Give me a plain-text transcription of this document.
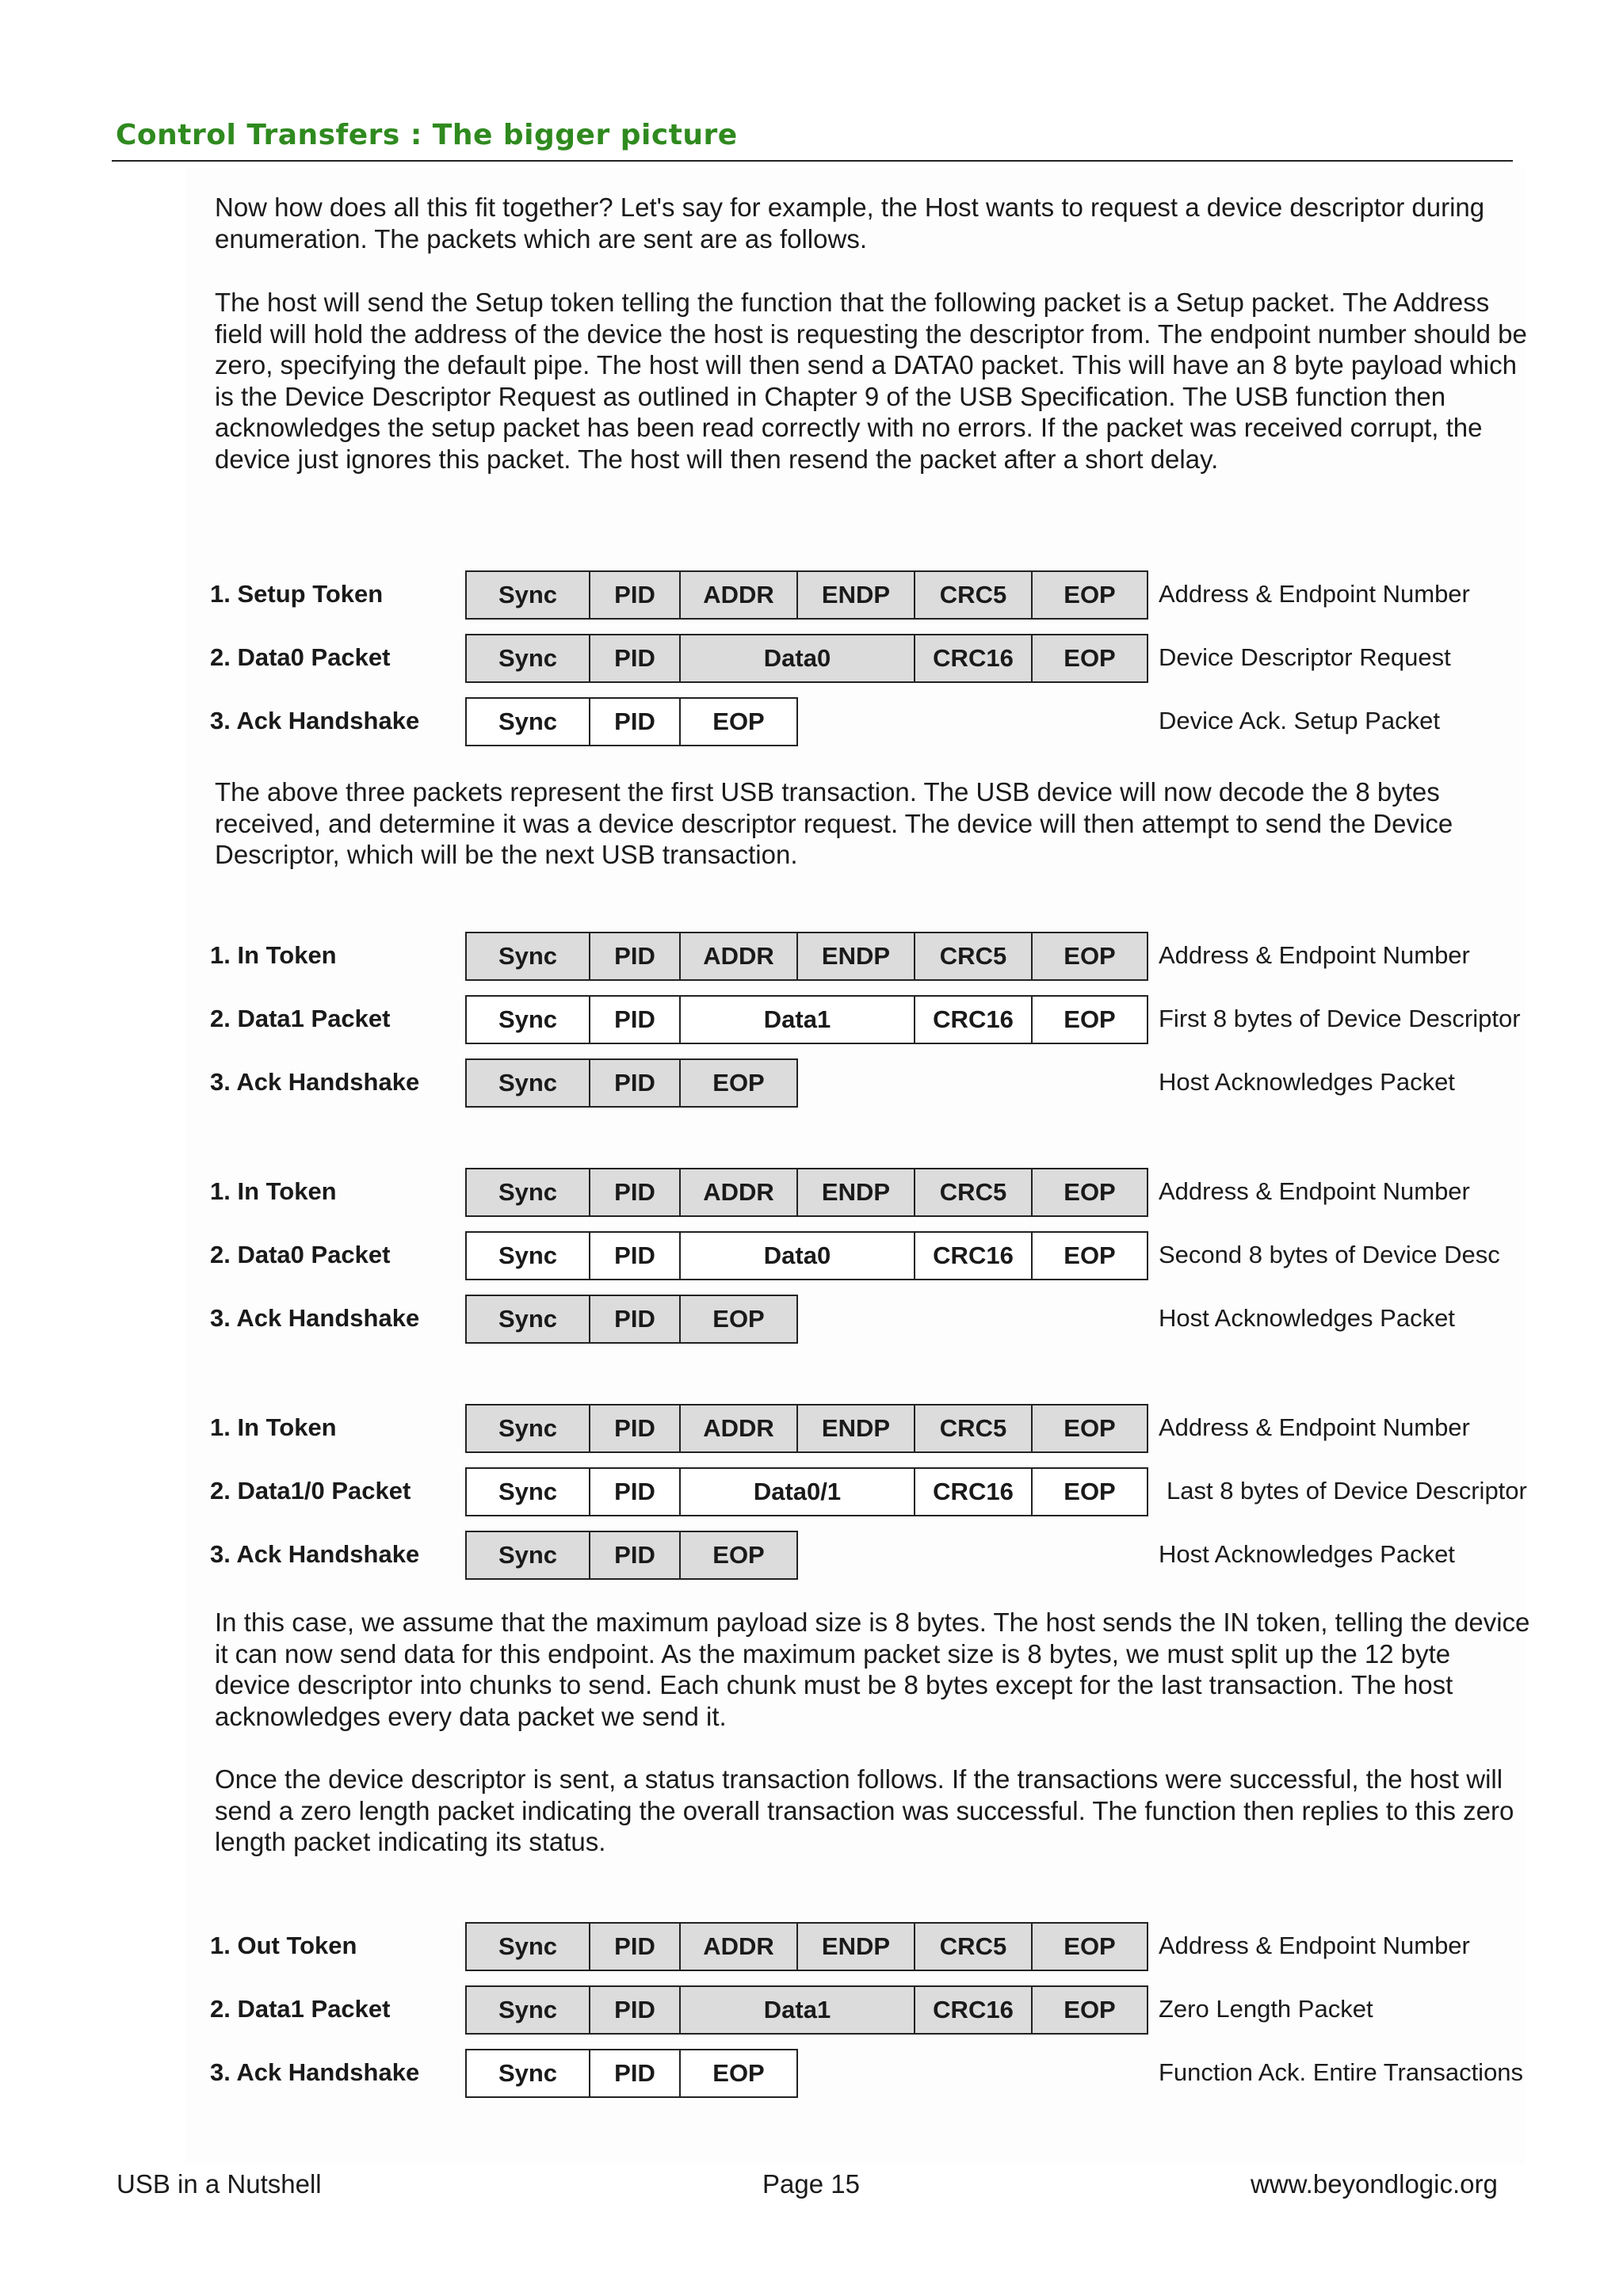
Control Transfers : The bigger picture

Now how does all this fit together? Let's say for example, the Host wants to request a device descriptor during enumeration. The packets which are sent are as follows.

The host will send the Setup token telling the function that the following packet is a Setup packet. The Address field will hold the address of the device the host is requesting the descriptor from. The endpoint number should be zero, specifying the default pipe. The host will then send a DATA0 packet. This will have an 8 byte payload which is the Device Descriptor Request as outlined in Chapter 9 of the USB Specification. The USB function then acknowledges the setup packet has been read correctly with no errors. If the packet was received corrupt, the device just ignores this packet. The host will then resend the packet after a short delay.

1. Setup Token	Sync	PID	ADDR	ENDP	CRC5	EOP	Address & Endpoint Number
2. Data0 Packet	Sync	PID	Data0	CRC16	EOP	Device Descriptor Request
3. Ack Handshake	Sync	PID	EOP	Device Ack. Setup Packet

The above three packets represent the first USB transaction. The USB device will now decode the 8 bytes received, and determine it was a device descriptor request. The device will then attempt to send the Device Descriptor, which will be the next USB transaction.

1. In Token	Sync	PID	ADDR	ENDP	CRC5	EOP	Address & Endpoint Number
2. Data1 Packet	Sync	PID	Data1	CRC16	EOP	First 8 bytes of Device Descriptor
3. Ack Handshake	Sync	PID	EOP	Host Acknowledges Packet
1. In Token	Sync	PID	ADDR	ENDP	CRC5	EOP	Address & Endpoint Number
2. Data0 Packet	Sync	PID	Data0	CRC16	EOP	Second 8 bytes of Device Desc
3. Ack Handshake	Sync	PID	EOP	Host Acknowledges Packet
1. In Token	Sync	PID	ADDR	ENDP	CRC5	EOP	Address & Endpoint Number
2. Data1/0 Packet	Sync	PID	Data0/1	CRC16	EOP	Last 8 bytes of Device Descriptor
3. Ack Handshake	Sync	PID	EOP	Host Acknowledges Packet

In this case, we assume that the maximum payload size is 8 bytes. The host sends the IN token, telling the device it can now send data for this endpoint. As the maximum packet size is 8 bytes, we must split up the 12 byte device descriptor into chunks to send. Each chunk must be 8 bytes except for the last transaction. The host acknowledges every data packet we send it.

Once the device descriptor is sent, a status transaction follows. If the transactions were successful, the host will send a zero length packet indicating the overall transaction was successful. The function then replies to this zero length packet indicating its status.

1. Out Token	Sync	PID	ADDR	ENDP	CRC5	EOP	Address & Endpoint Number
2. Data1 Packet	Sync	PID	Data1	CRC16	EOP	Zero Length Packet
3. Ack Handshake	Sync	PID	EOP	Function Ack. Entire Transactions
USB in a Nutshell	Page 15	www.beyondlogic.org
